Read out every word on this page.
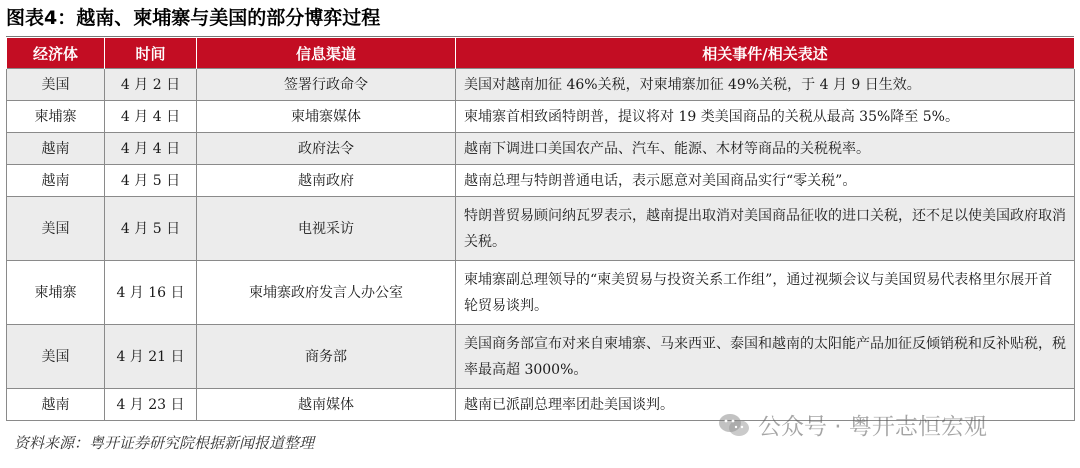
图表4：越南、柬埔寨与美国的部分博弈过程
经济体	时间	信息渠道	相关事件/相关表述
美国	4 月 2 日	签署行政命令	美国对越南加征 46%关税，对柬埔寨加征 49%关税，于 4 月 9 日生效。
柬埔寨	4 月 4 日	柬埔寨媒体	柬埔寨首相致函特朗普，提议将对 19 类美国商品的关税从最高 35%降至 5%。
越南	4 月 4 日	政府法令	越南下调进口美国农产品、汽车、能源、木材等商品的关税税率。
越南	4 月 5 日	越南政府	越南总理与特朗普通电话，表示愿意对美国商品实行“零关税”。
美国	4 月 5 日	电视采访	特朗普贸易顾问纳瓦罗表示，越南提出取消对美国商品征收的进口关税，还不足以使美国政府取消关税。
柬埔寨	4 月 16 日	柬埔寨政府发言人办公室	柬埔寨副总理领导的“柬美贸易与投资关系工作组”，通过视频会议与美国贸易代表格里尔展开首轮贸易谈判。
美国	4 月 21 日	商务部	美国商务部宣布对来自柬埔寨、马来西亚、泰国和越南的太阳能产品加征反倾销税和反补贴税，税率最高超 3000%。
越南	4 月 23 日	越南媒体	越南已派副总理率团赴美国谈判。
资料来源：粤开证券研究院根据新闻报道整理
公众号 · 粤开志恒宏观
